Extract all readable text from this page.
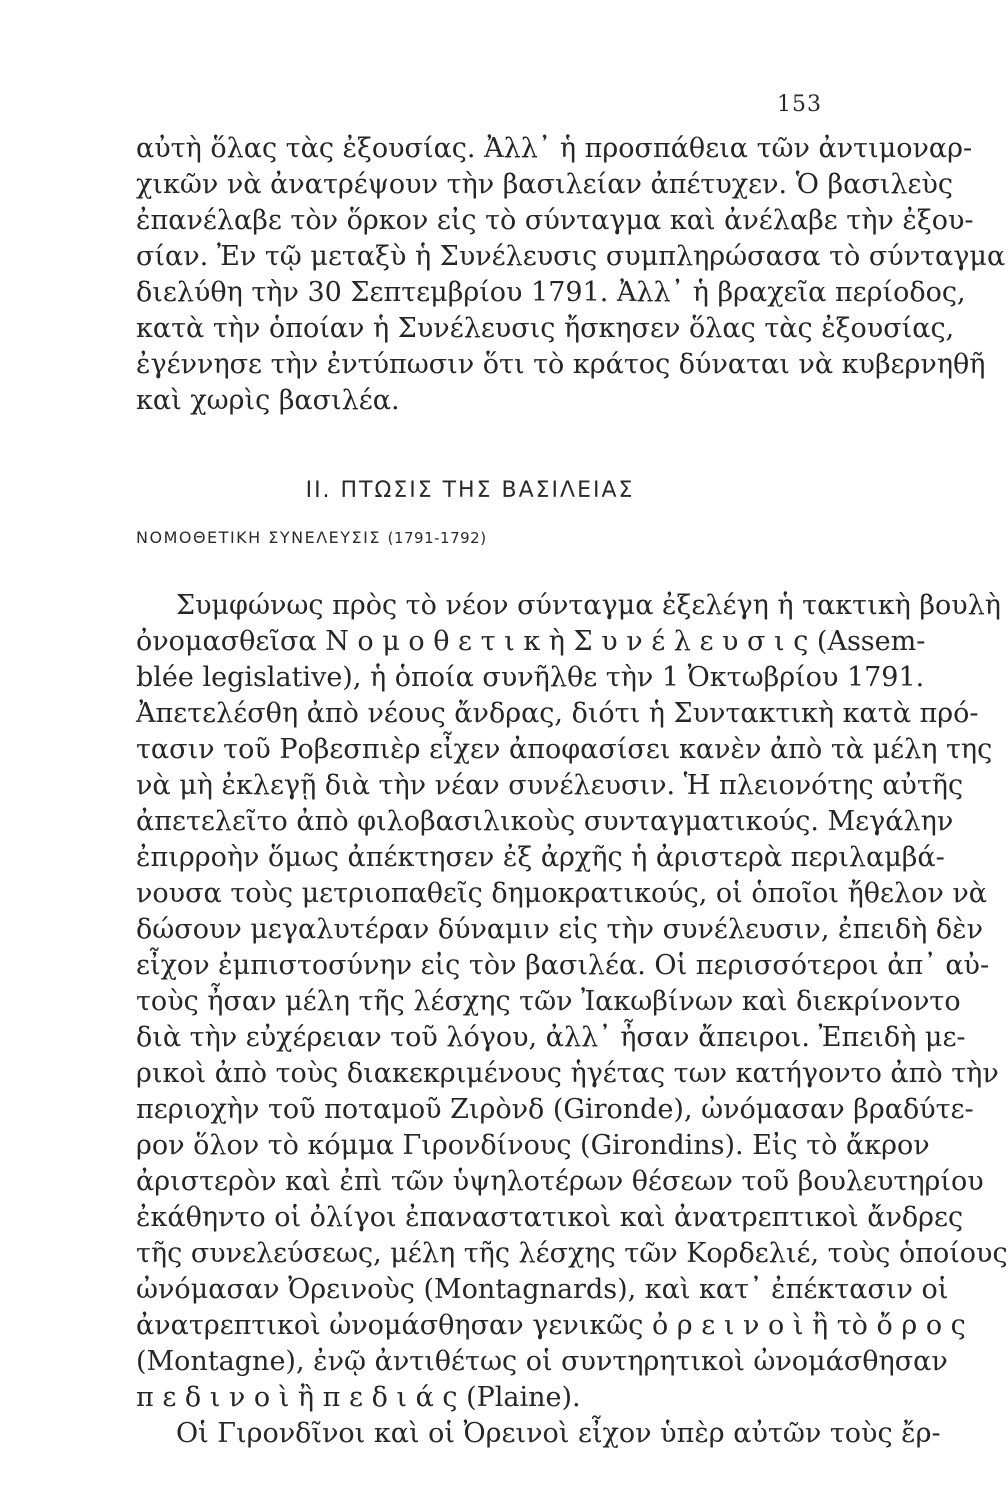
153
αὐτὴ ὅλας τὰς ἐξουσίας. Ἀλλ᾽ ἡ προσπάθεια τῶν ἀντιμοναρ-
χικῶν νὰ ἀνατρέψουν τὴν βασιλείαν ἀπέτυχεν. Ὁ βασιλεὺς
ἐπανέλαβε τὸν ὅρκον εἰς τὸ σύνταγμα καὶ ἀνέλαβε τὴν ἐξου-
σίαν. Ἐν τῷ μεταξὺ ἡ Συνέλευσις συμπληρώσασα τὸ σύνταγμα
διελύθη τὴν 30 Σεπτεμβρίου 1791. Ἀλλ᾽ ἡ βραχεῖα περίοδος,
κατὰ τὴν ὁποίαν ἡ Συνέλευσις ἤσκησεν ὅλας τὰς ἐξουσίας,
ἐγέννησε τὴν ἐντύπωσιν ὅτι τὸ κράτος δύναται νὰ κυβερνηθῆ
καὶ χωρὶς βασιλέα.
II. ΠΤΩΣΙΣ ΤΗΣ ΒΑΣΙΛΕΙΑΣ
ΝΟΜΟΘΕΤΙΚΗ ΣΥΝΕΛΕΥΣΙΣ (1791-1792)
Συμφώνως πρὸς τὸ νέον σύνταγμα ἐξελέγη ἡ τακτικὴ βουλὴ
ὀνομασθεῖσα Ν ο μ ο θ ε τ ι κ ὴ Σ υ ν έ λ ε υ σ ι ς (Assem-
blée legislative), ἡ ὁποία συνῆλθε τὴν 1 Ὀκτωβρίου 1791.
Ἀπετελέσθη ἀπὸ νέους ἄνδρας, διότι ἡ Συντακτικὴ κατὰ πρό-
τασιν τοῦ Ροβεσπιὲρ εἶχεν ἀποφασίσει κανὲν ἀπὸ τὰ μέλη της
νὰ μὴ ἐκλεγῇ διὰ τὴν νέαν συνέλευσιν. Ἡ πλειονότης αὐτῆς
ἀπετελεῖτο ἀπὸ φιλοβασιλικοὺς συνταγματικούς. Μεγάλην
ἐπιρροὴν ὅμως ἀπέκτησεν ἐξ ἀρχῆς ἡ ἀριστερὰ περιλαμβά-
νουσα τοὺς μετριοπαθεῖς δημοκρατικούς, οἱ ὁποῖοι ἤθελον νὰ
δώσουν μεγαλυτέραν δύναμιν εἰς τὴν συνέλευσιν, ἐπειδὴ δὲν
εἶχον ἐμπιστοσύνην εἰς τὸν βασιλέα. Οἱ περισσότεροι ἀπ᾽ αὐ-
τοὺς ἦσαν μέλη τῆς λέσχης τῶν Ἰακωβίνων καὶ διεκρίνοντο
διὰ τὴν εὐχέρειαν τοῦ λόγου, ἀλλ᾽ ἦσαν ἄπειροι. Ἐπειδὴ με-
ρικοὶ ἀπὸ τοὺς διακεκριμένους ἡγέτας των κατήγοντο ἀπὸ τὴν
περιοχὴν τοῦ ποταμοῦ Ζιρὸνδ (Gironde), ὠνόμασαν βραδύτε-
ρον ὅλον τὸ κόμμα Γιρονδίνους (Girondins). Εἰς τὸ ἄκρον
ἀριστερὸν καὶ ἐπὶ τῶν ὑψηλοτέρων θέσεων τοῦ βουλευτηρίου
ἐκάθηντο οἱ ὀλίγοι ἐπαναστατικοὶ καὶ ἀνατρεπτικοὶ ἄνδρες
τῆς συνελεύσεως, μέλη τῆς λέσχης τῶν Κορδελιέ, τοὺς ὁποίους
ὠνόμασαν Ὀρεινοὺς (Montagnards), καὶ κατ᾽ ἐπέκτασιν οἱ
ἀνατρεπτικοὶ ὠνομάσθησαν γενικῶς ὀ ρ ε ι ν ο ὶ ἢ τὸ ὄ ρ ο ς
(Montagne), ἐνῷ ἀντιθέτως οἱ συντηρητικοὶ ὠνομάσθησαν
π ε δ ι ν ο ὶ ἢ π ε δ ι ά ς (Plaine).
Οἱ Γιρονδῖνοι καὶ οἱ Ὀρεινοὶ εἶχον ὑπὲρ αὐτῶν τοὺς ἔρ-
